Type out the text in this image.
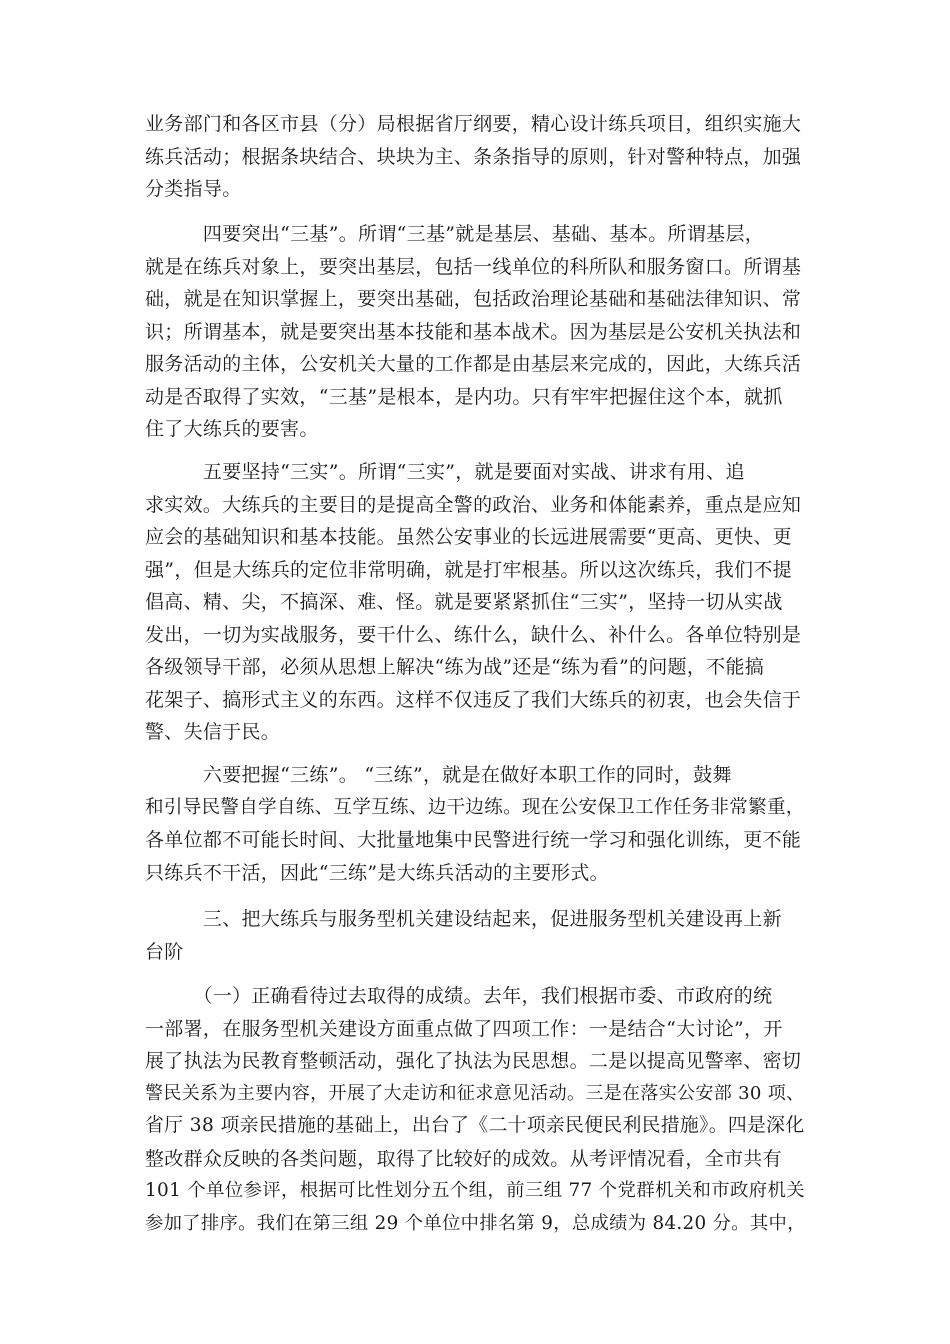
业务部门和各区市县（分）局根据省厅纲要，精心设计练兵项目，组织实施大
练兵活动；根据条块结合、块块为主、条条指导的原则，针对警种特点，加强
分类指导。

　　　四要突出“三基”。所谓“三基”就是基层、基础、基本。所谓基层，
就是在练兵对象上，要突出基层，包括一线单位的科所队和服务窗口。所谓基
础，就是在知识掌握上，要突出基础，包括政治理论基础和基础法律知识、常
识；所谓基本，就是要突出基本技能和基本战术。因为基层是公安机关执法和
服务活动的主体，公安机关大量的工作都是由基层来完成的，因此，大练兵活
动是否取得了实效，“三基”是根本，是内功。只有牢牢把握住这个本，就抓
住了大练兵的要害。

　　　五要坚持“三实”。所谓“三实”，就是要面对实战、讲求有用、追
求实效。大练兵的主要目的是提高全警的政治、业务和体能素养，重点是应知
应会的基础知识和基本技能。虽然公安事业的长远进展需要“更高、更快、更
强”，但是大练兵的定位非常明确，就是打牢根基。所以这次练兵，我们不提
倡高、精、尖，不搞深、难、怪。就是要紧紧抓住“三实”，坚持一切从实战
发出，一切为实战服务，要干什么、练什么，缺什么、补什么。各单位特别是
各级领导干部，必须从思想上解决“练为战”还是“练为看”的问题，不能搞
花架子、搞形式主义的东西。这样不仅违反了我们大练兵的初衷，也会失信于
警、失信于民。

　　　六要把握“三练”。 “三练”，就是在做好本职工作的同时，鼓舞
和引导民警自学自练、互学互练、边干边练。现在公安保卫工作任务非常繁重，
各单位都不可能长时间、大批量地集中民警进行统一学习和强化训练，更不能
只练兵不干活，因此“三练”是大练兵活动的主要形式。

　　　三、把大练兵与服务型机关建设结起来，促进服务型机关建设再上新
台阶

　　　（一）正确看待过去取得的成绩。去年，我们根据市委、市政府的统
一部署，在服务型机关建设方面重点做了四项工作：一是结合“大讨论”，开
展了执法为民教育整顿活动，强化了执法为民思想。二是以提高见警率、密切
警民关系为主要内容，开展了大走访和征求意见活动。三是在落实公安部 30 项、
省厅 38 项亲民措施的基础上，出台了《二十项亲民便民利民措施》。四是深化
整改群众反映的各类问题，取得了比较好的成效。从考评情况看，全市共有
101 个单位参评，根据可比性划分五个组，前三组 77 个党群机关和市政府机关
参加了排序。我们在第三组 29 个单位中排名第 9，总成绩为 84.20 分。其中，
